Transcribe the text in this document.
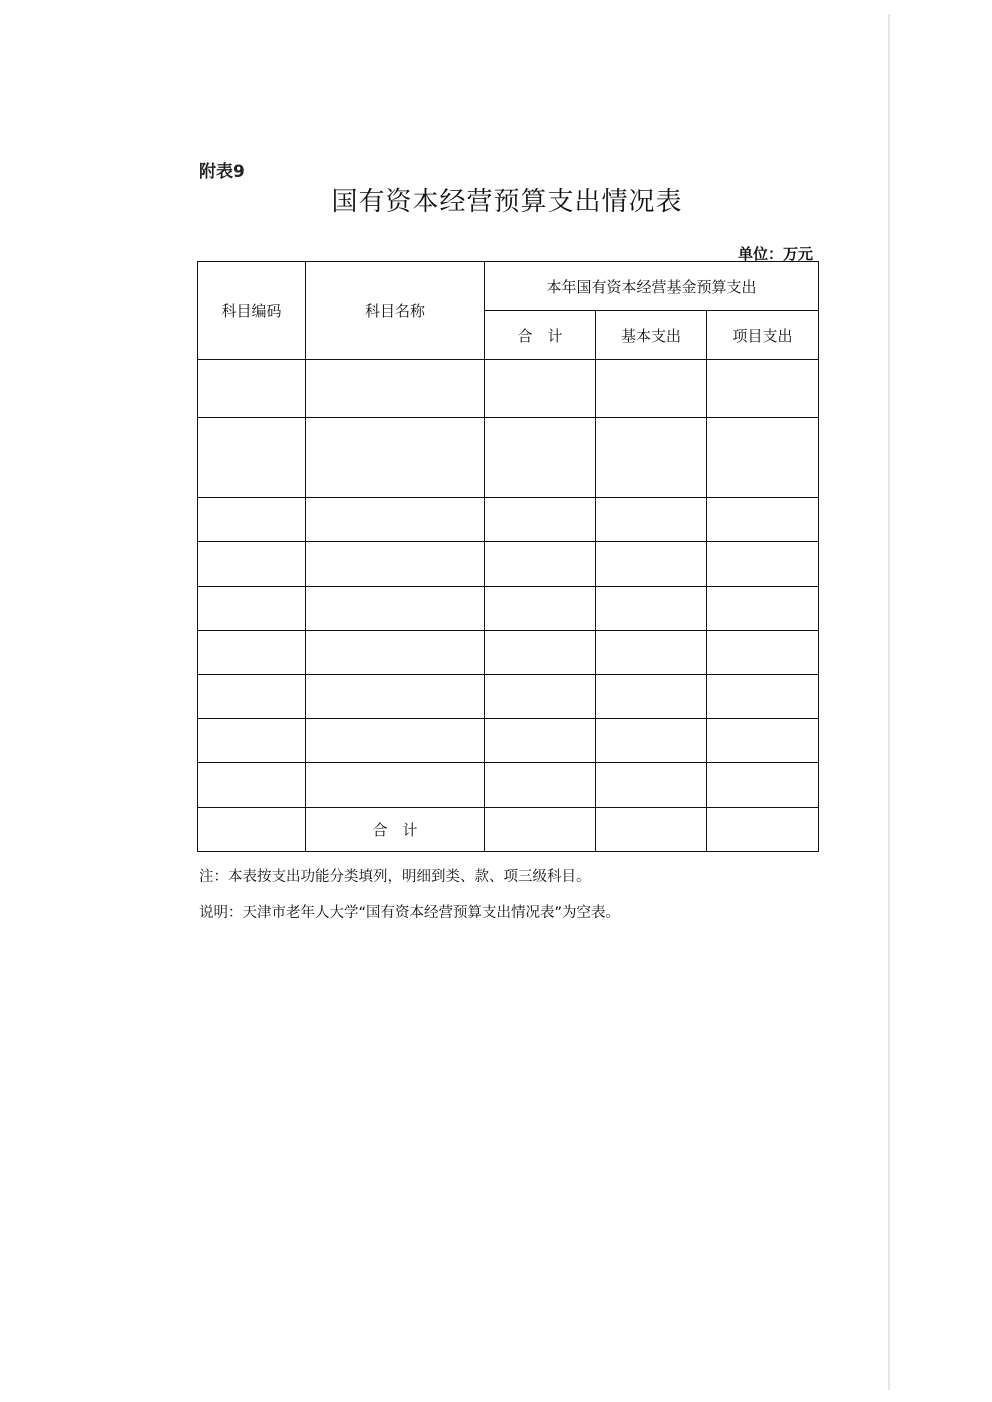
附表9
国有资本经营预算支出情况表
单位：万元
科目编码	科目名称	本年国有资本经营基金预算支出		
		合　计	基本支出	项目支出

	合　计			
注：本表按支出功能分类填列，明细到类、款、项三级科目。
说明：天津市老年人大学“国有资本经营预算支出情况表”为空表。
